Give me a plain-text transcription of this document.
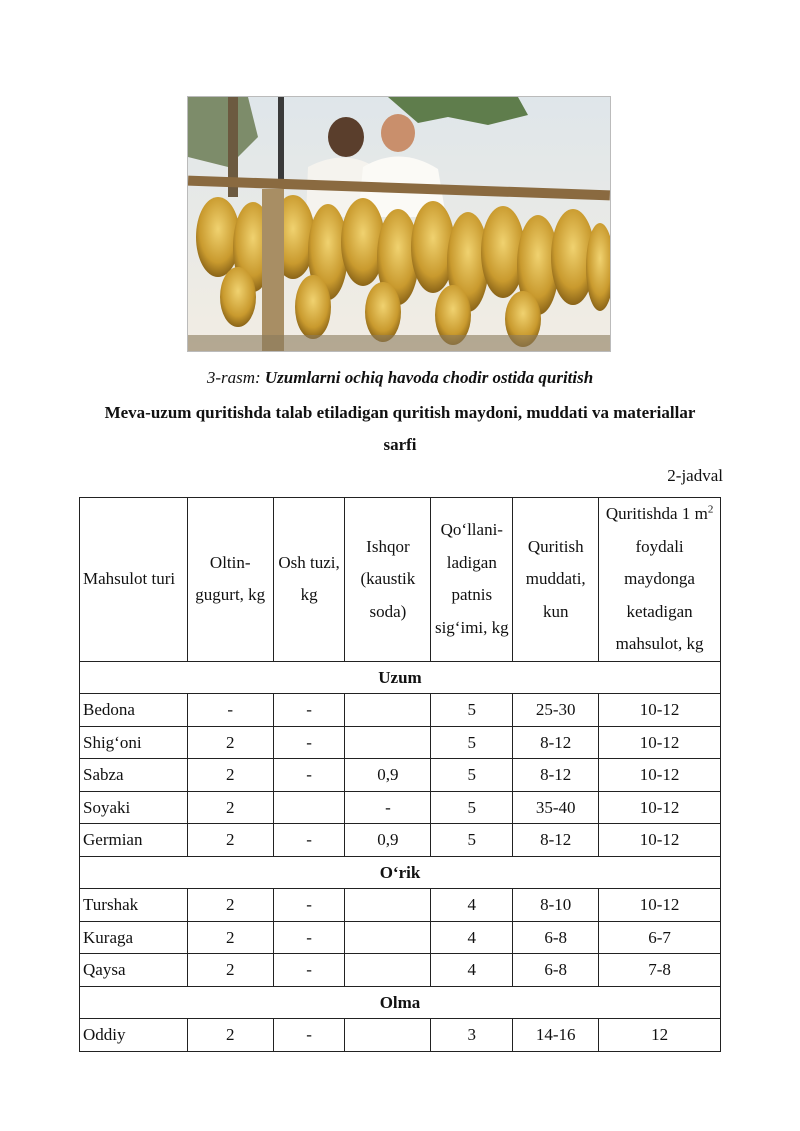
3-rasm: Uzumlarni ochiq havoda chodir ostida quritish
Meva-uzum quritishda talab etiladigan quritish maydoni, muddati va materiallar sarfi
2-jadval
Mahsulot turi	Oltin-gugurt, kg	Osh tuzi, kg	Ishqor (kaustik soda)	Qo‘llani-ladigan patnis sig‘imi, kg	Quritish muddati, kun	Quritishda 1 $m^2$ foydali maydonga ketadigan mahsulot, kg
Uzum						
Bedona	-	-		5	25-30	10-12
Shig‘oni	2	-		5	8-12	10-12
Sabza	2	-	0,9	5	8-12	10-12
Soyaki	2		-	5	35-40	10-12
Germian	2	-	0,9	5	8-12	10-12
O‘rik						
Turshak	2	-		4	8-10	10-12
Kuraga	2	-		4	6-8	6-7
Qaysa	2	-		4	6-8	7-8
Olma						
Oddiy	2	-		3	14-16	12
